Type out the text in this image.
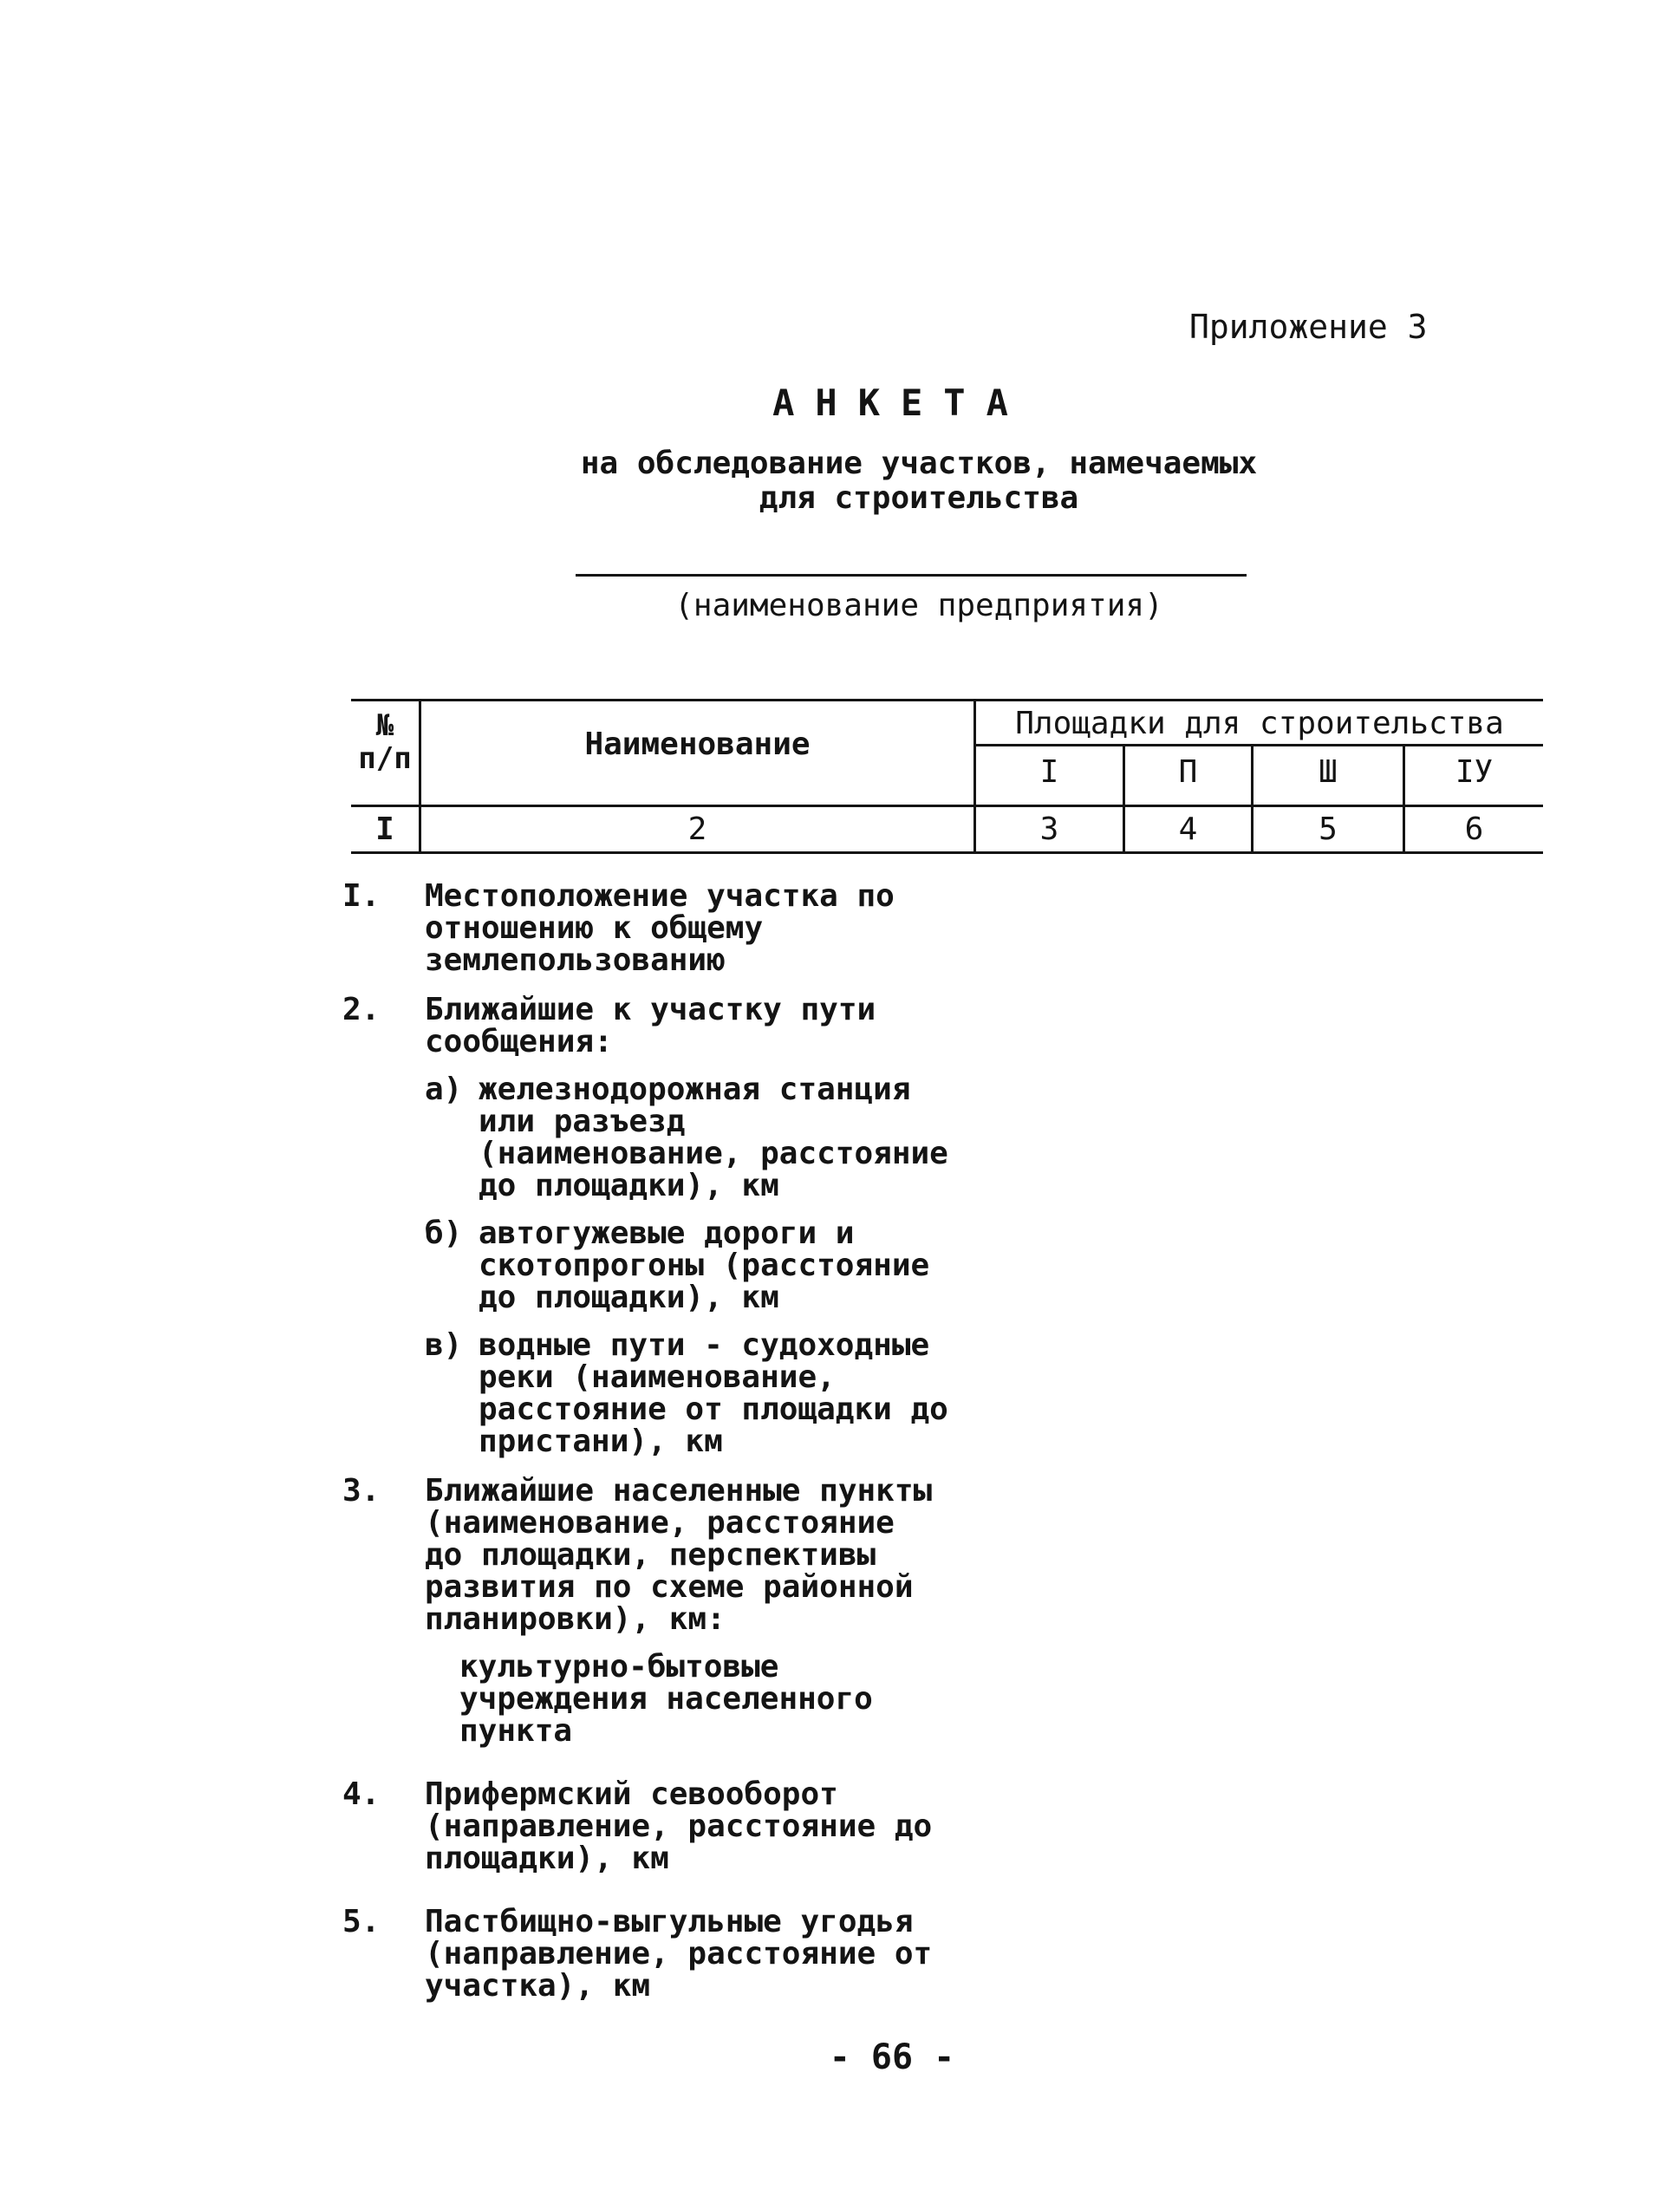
Приложение 3
АНКЕТА
на обследование участков, намечаемых
для строительства
(наименование предприятия)
№ п/п	Наименование
Площадки для строительства
I	П	Ш	IУ
I	2	3	4	5	6
I.	Местоположение участка по отношению к общему землепользованию
2.	Ближайшие к участку пути сообщения:
а) железнодорожная станция или разъезд (наименование, расстояние до площадки), км
б) автогужевые дороги и скотопрогоны (расстояние до площадки), км
в) водные пути - судоходные реки (наименование, расстояние от площадки до пристани), км
3.	Ближайшие населенные пункты (наименование, расстояние до площадки, перспективы развития по схеме районной планировки), км:
культурно-бытовые учреждения населенного пункта
4.	Прифермский севооборот (направление, расстояние до площадки), км
5.	Пастбищно-выгульные угодья (направление, расстояние от участка), км
- 66 -
